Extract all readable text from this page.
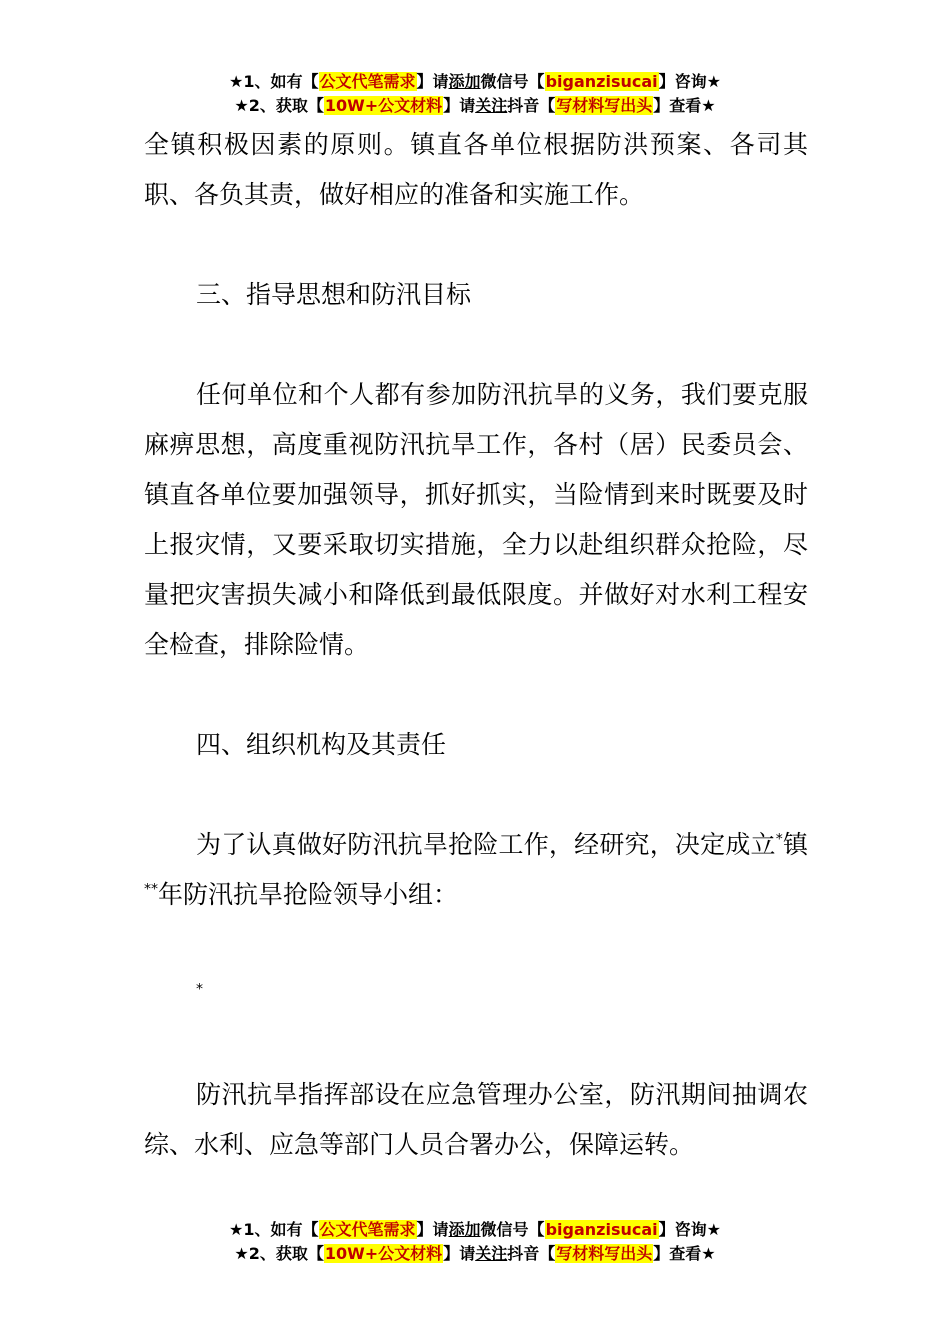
★1、如有【公文代笔需求】请添加微信号【biganzisucai】咨询★
★2、获取【10W+公文材料】请关注抖音【写材料写出头】查看★

全镇积极因素的原则。镇直各单位根据防洪预案、各司其职、各负其责，做好相应的准备和实施工作。

三、指导思想和防汛目标

任何单位和个人都有参加防汛抗旱的义务，我们要克服麻痹思想，高度重视防汛抗旱工作，各村（居）民委员会、镇直各单位要加强领导，抓好抓实，当险情到来时既要及时上报灾情，又要采取切实措施，全力以赴组织群众抢险，尽量把灾害损失减小和降低到最低限度。并做好对水利工程安全检查，排除险情。

四、组织机构及其责任

为了认真做好防汛抗旱抢险工作，经研究，决定成立*镇**年防汛抗旱抢险领导小组：

*

防汛抗旱指挥部设在应急管理办公室，防汛期间抽调农综、水利、应急等部门人员合署办公，保障运转。

★1、如有【公文代笔需求】请添加微信号【biganzisucai】咨询★
★2、获取【10W+公文材料】请关注抖音【写材料写出头】查看★
